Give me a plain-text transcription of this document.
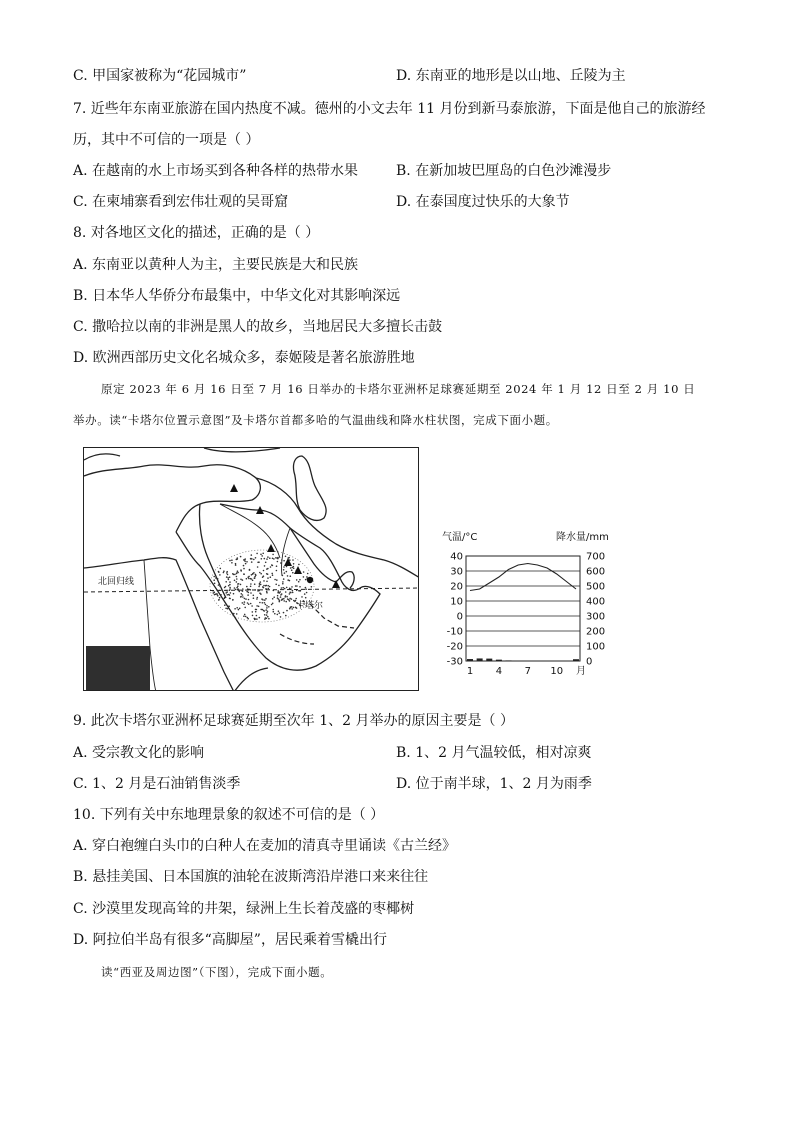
C. 甲国家被称为“花园城市”	D. 东南亚的地形是以山地、丘陵为主
7. 近些年东南亚旅游在国内热度不减。德州的小文去年 11 月份到新马泰旅游，下面是他自己的旅游经
历，其中不可信的一项是（ ）
A. 在越南的水上市场买到各种各样的热带水果	B. 在新加坡巴厘岛的白色沙滩漫步
C. 在柬埔寨看到宏伟壮观的吴哥窟	D. 在泰国度过快乐的大象节
8. 对各地区文化的描述，正确的是（ ）
A. 东南亚以黄种人为主，主要民族是大和民族
B. 日本华人华侨分布最集中，中华文化对其影响深远
C. 撒哈拉以南的非洲是黑人的故乡，当地居民大多擅长击鼓
D. 欧洲西部历史文化名城众多，泰姬陵是著名旅游胜地
原定 2023 年 6 月 16 日至 7 月 16 日举办的卡塔尔亚洲杯足球赛延期至 2024 年 1 月 12 日至 2 月 10 日
举办。读“卡塔尔位置示意图”及卡塔尔首都多哈的气温曲线和降水柱状图，完成下面小题。
北回归线
卡塔尔
气温/°C	降水量/mm
40
30
20
10
0
-10
-20
-30
700
600
500
400
300
200
100
0
1 4 7 10 月
9. 此次卡塔尔亚洲杯足球赛延期至次年 1、2 月举办的原因主要是（ ）
A. 受宗教文化的影响	B. 1、2 月气温较低，相对凉爽
C. 1、2 月是石油销售淡季	D. 位于南半球，1、2 月为雨季
10. 下列有关中东地理景象的叙述不可信的是（ ）
A. 穿白袍缠白头巾的白种人在麦加的清真寺里诵读《古兰经》
B. 悬挂美国、日本国旗的油轮在波斯湾沿岸港口来来往往
C. 沙漠里发现高耸的井架，绿洲上生长着茂盛的枣椰树
D. 阿拉伯半岛有很多“高脚屋”，居民乘着雪橇出行
读“西亚及周边图”（下图），完成下面小题。
